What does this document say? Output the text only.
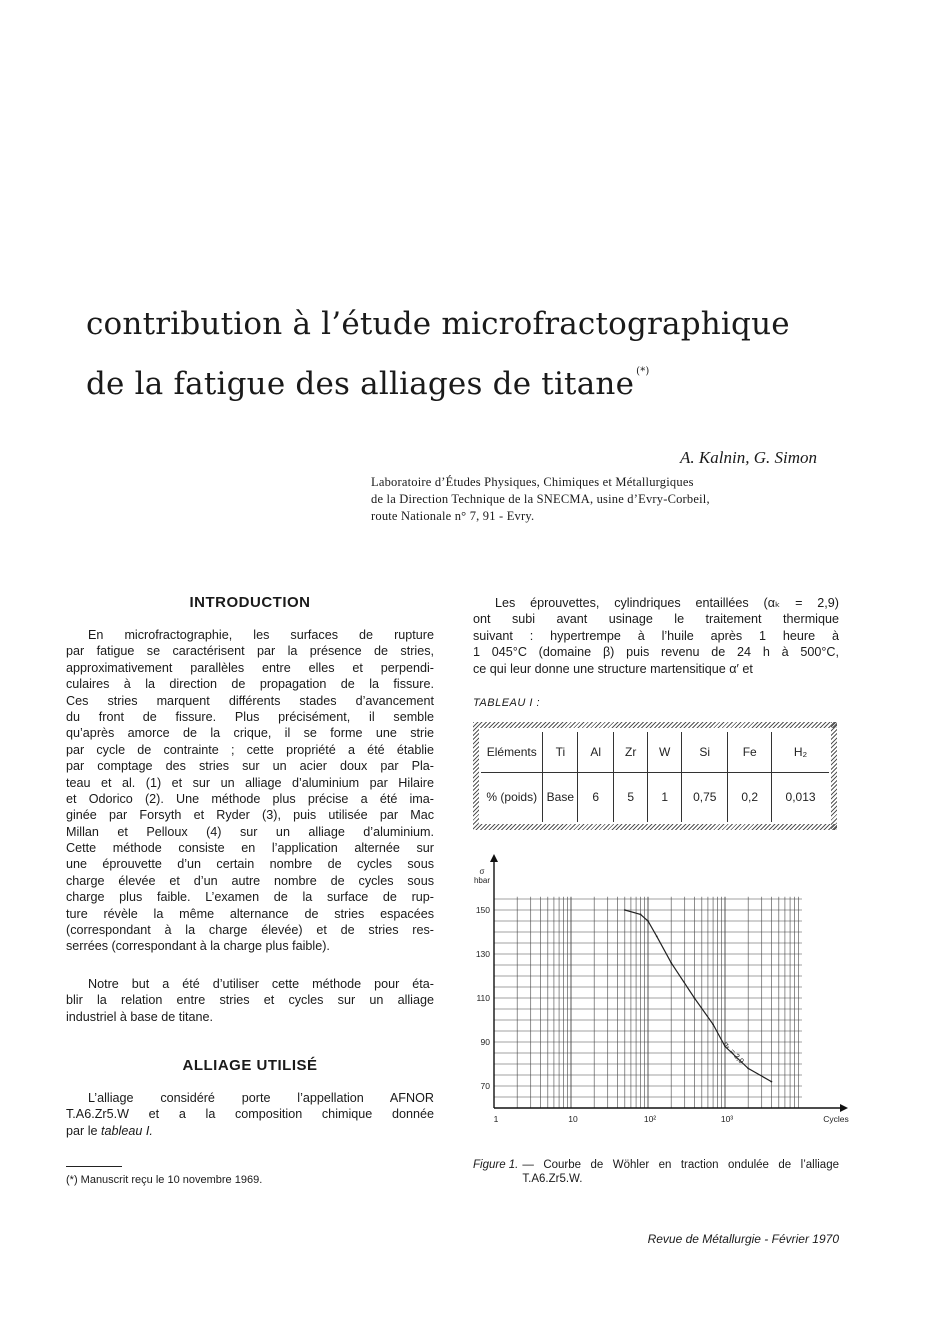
contribution à l’étude microfractographique
de la fatigue des alliages de titane (*)
A. Kalnin, G. Simon
Laboratoire d’Études Physiques, Chimiques et Métallurgiques
de la Direction Technique de la SNECMA, usine d’Evry-Corbeil,
route Nationale n° 7, 91 - Evry.
INTRODUCTION
En microfractographie, les surfaces de rupture
par fatigue se caractérisent par la présence de stries,
approximativement parallèles entre elles et perpendi-
culaires à la direction de propagation de la fissure.
Ces stries marquent différents stades d’avancement
du front de fissure. Plus précisément, il semble
qu’après amorce de la crique, il se forme une strie
par cycle de contrainte ; cette propriété a été établie
par comptage des stries sur un acier doux par Pla-
teau et al. (1) et sur un alliage d’aluminium par Hilaire
et Odorico (2). Une méthode plus précise a été ima-
ginée par Forsyth et Ryder (3), puis utilisée par Mac
Millan et Pelloux (4) sur un alliage d’aluminium.
Cette méthode consiste en l’application alternée sur
une éprouvette d’un certain nombre de cycles sous
charge élevée et d’un autre nombre de cycles sous
charge plus faible. L’examen de la surface de rup-
ture révèle la même alternance de stries espacées
(correspondant à la charge élevée) et de stries res-
serrées (correspondant à la charge plus faible).
Notre but a été d’utiliser cette méthode pour éta-
blir la relation entre stries et cycles sur un alliage
industriel à base de titane.
ALLIAGE UTILISÉ
L’alliage considéré porte l’appellation AFNOR
T.A6.Zr5.W et a la composition chimique donnée
par le tableau I.
(*) Manuscrit reçu le 10 novembre 1969.
Les éprouvettes, cylindriques entaillées (αₖ = 2,9)
ont subi avant usinage le traitement thermique
suivant : hypertrempe à l’huile après 1 heure à
1 045°C (domaine β) puis revenu de 24 h à 500°C,
ce qui leur donne une structure martensitique α′ et
TABLEAU I :
Eléments	Ti	Al	Zr	W	Si	Fe	H₂
% (poids)	Base	6	5	1	0,75	0,2	0,013
150
130
110
90
70
1	10	10²	10³	Cycles
σ
hbar
αₖ = 2,9
Figure 1. — Courbe de Wöhler en traction ondulée de l’alliage T.A6.Zr5.W.
Revue de Métallurgie - Février 1970
